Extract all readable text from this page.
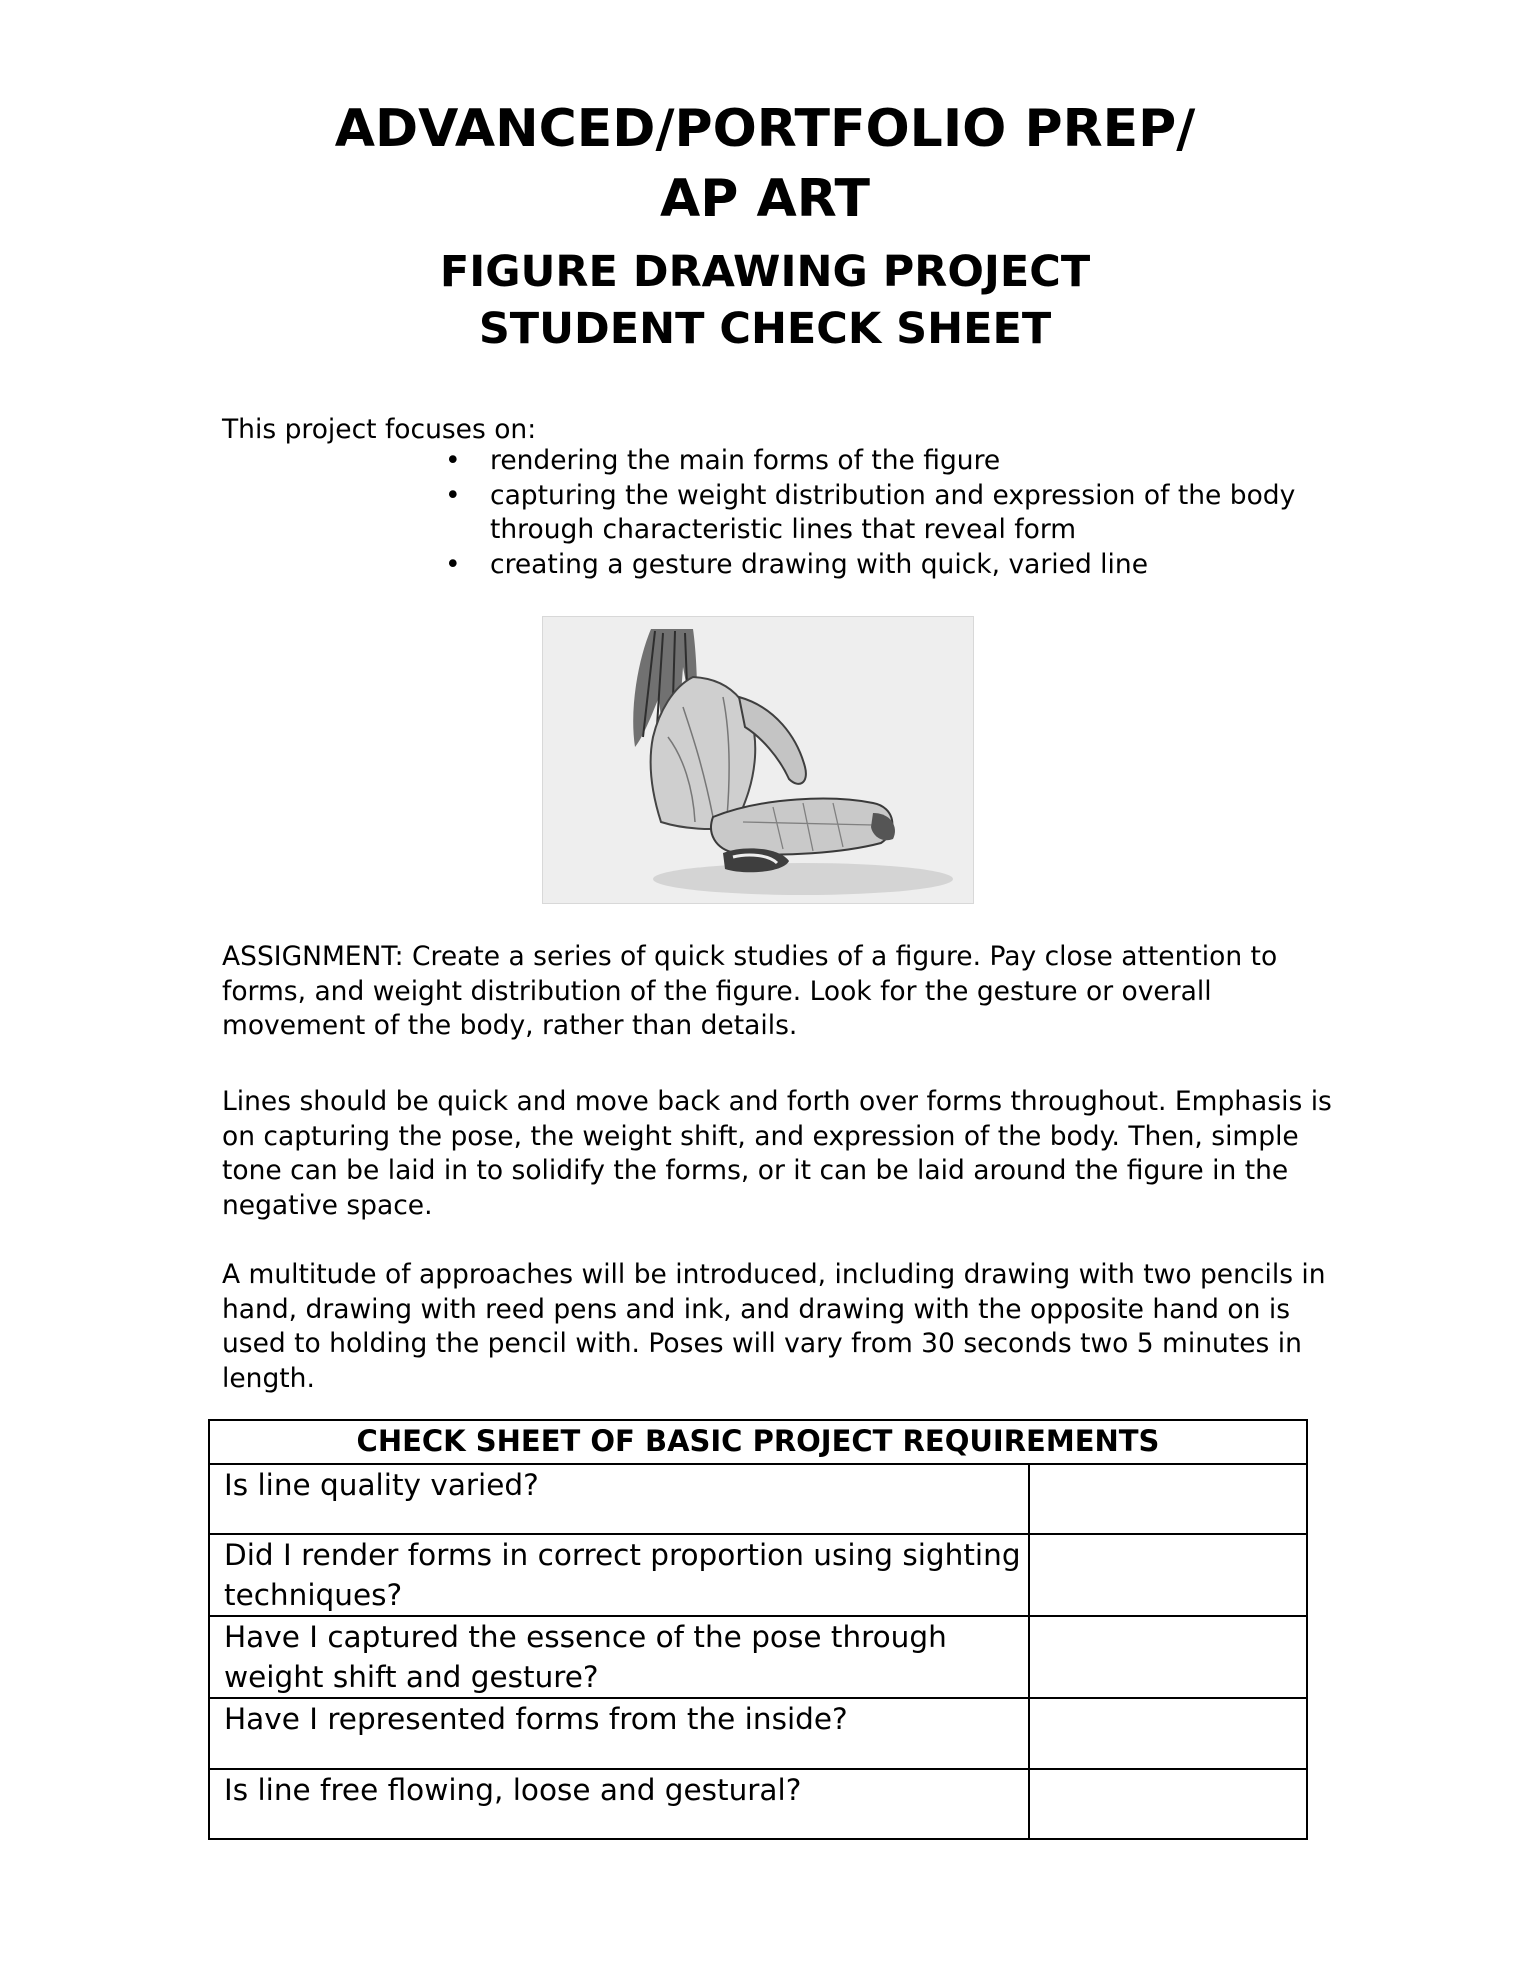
ADVANCED/PORTFOLIO PREP/
AP ART
FIGURE DRAWING PROJECT
STUDENT CHECK SHEET
This project focuses on:
• rendering the main forms of the figure
• capturing the weight distribution and expression of the body through characteristic lines that reveal form
• creating a gesture drawing with quick, varied line
ASSIGNMENT: Create a series of quick studies of a figure. Pay close attention to forms, and weight distribution of the figure. Look for the gesture or overall movement of the body, rather than details.
Lines should be quick and move back and forth over forms throughout. Emphasis is on capturing the pose, the weight shift, and expression of the body. Then, simple tone can be laid in to solidify the forms, or it can be laid around the figure in the negative space.
A multitude of approaches will be introduced, including drawing with two pencils in hand, drawing with reed pens and ink, and drawing with the opposite hand on is used to holding the pencil with. Poses will vary from 30 seconds two 5 minutes in length.
CHECK SHEET OF BASIC PROJECT REQUIREMENTS	
Is line quality varied?	
Did I render forms in correct proportion using sighting techniques?	
Have I captured the essence of the pose through weight shift and gesture?	
Have I represented forms from the inside?	
Is line free flowing, loose and gestural?	
